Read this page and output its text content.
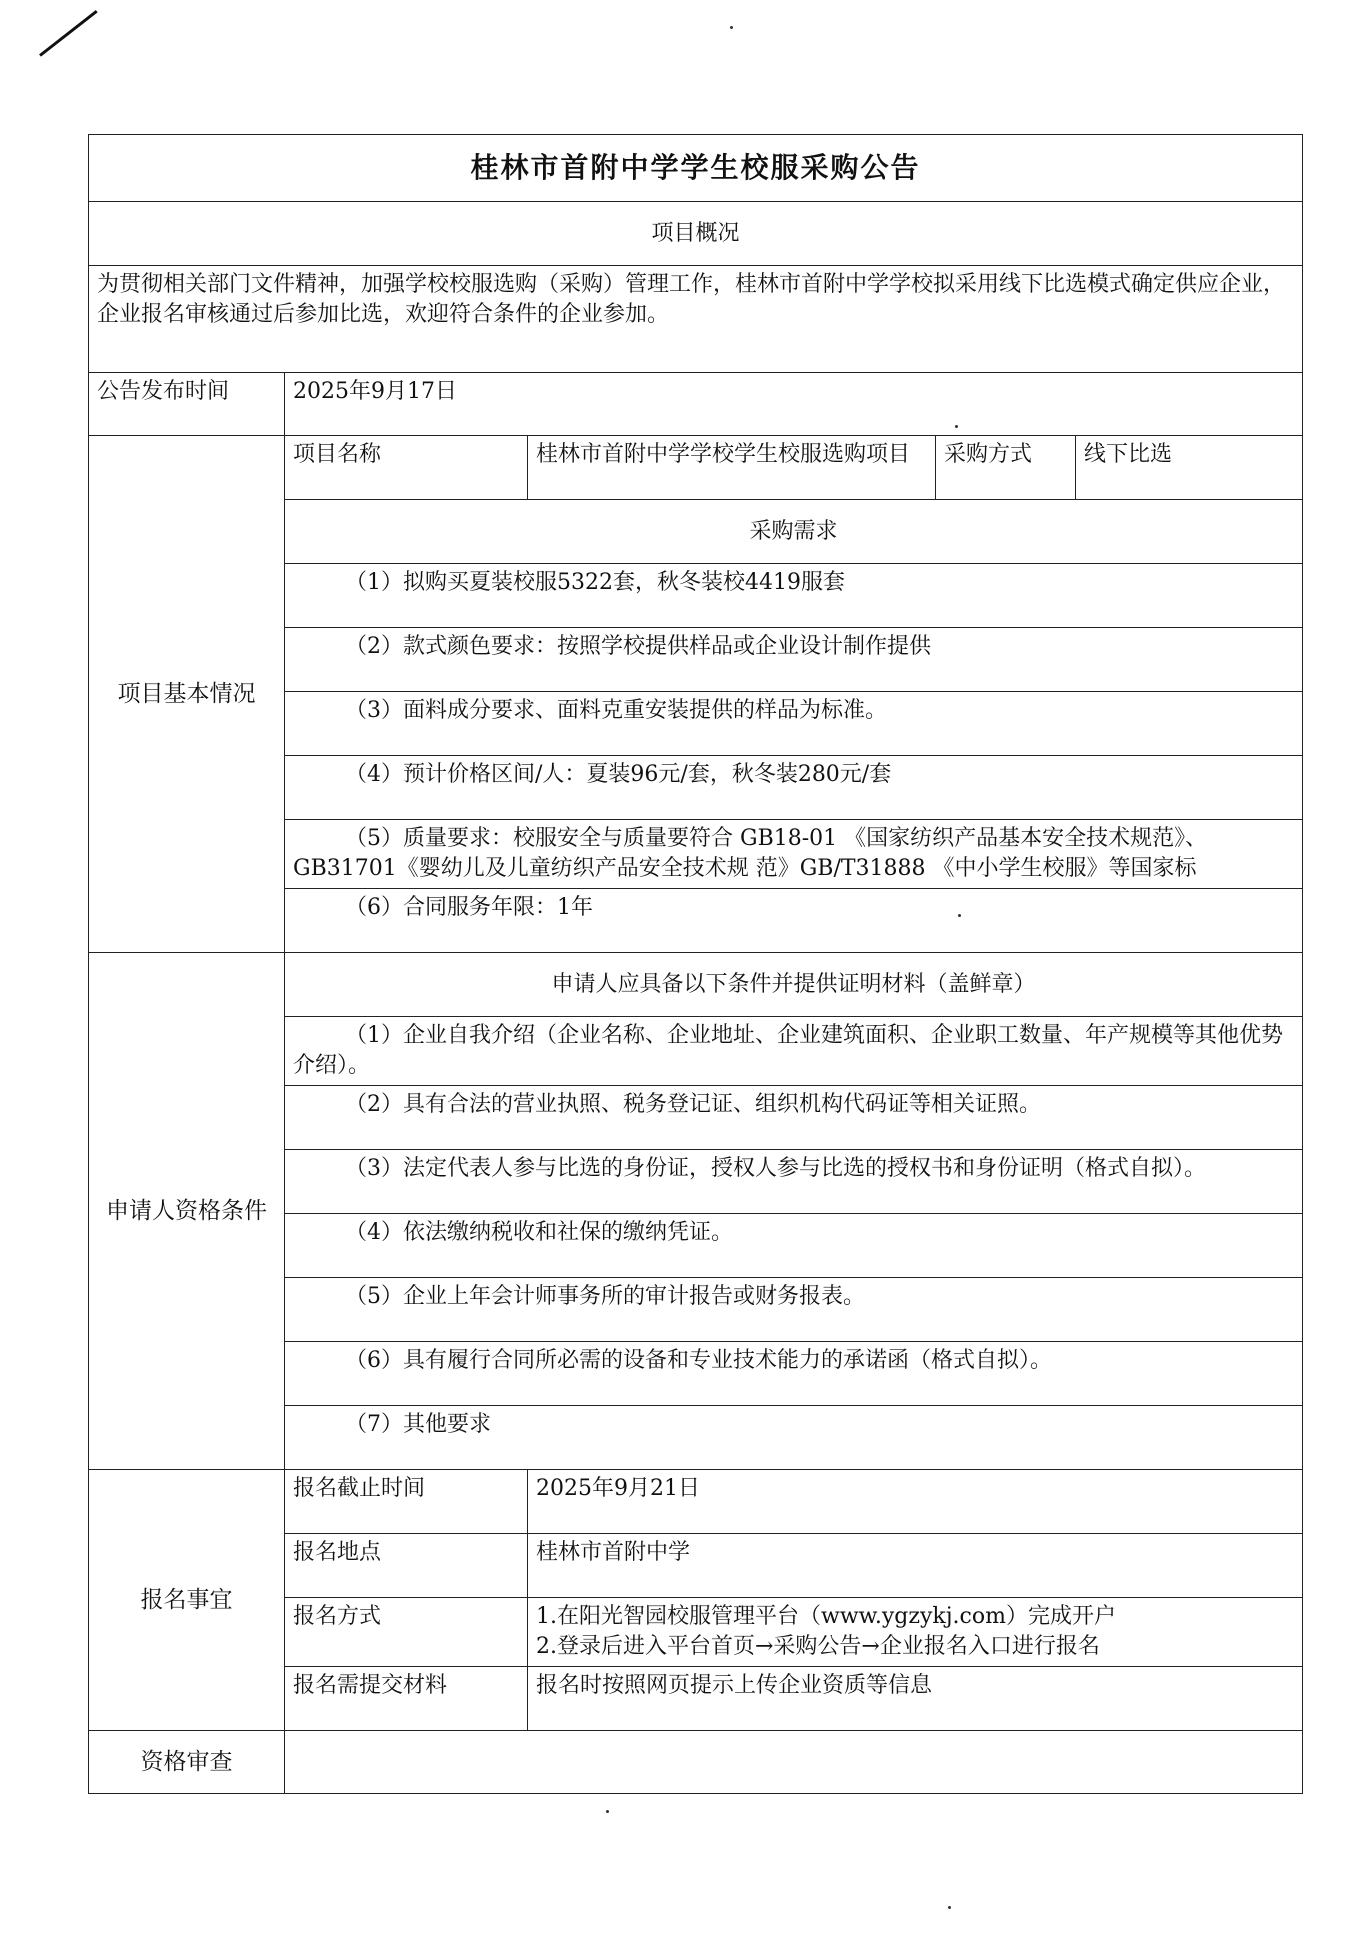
桂林市首附中学学生校服采购公告				
项目概况				
为贯彻相关部门文件精神，加强学校校服选购（采购）管理工作，桂林市首附中学学校拟采用线下比选模式确定供应企业，企业报名审核通过后参加比选，欢迎符合条件的企业参加。				
公告发布时间	2025年9月17日			
项目基本情况	项目名称	桂林市首附中学学校学生校服选购项目	采购方式	线下比选
	采购需求			
	（1）拟购买夏装校服5322套，秋冬装校4419服套			
	（2）款式颜色要求：按照学校提供样品或企业设计制作提供			
	（3）面料成分要求、面料克重安装提供的样品为标准。			
	（4）预计价格区间/人：夏装96元/套，秋冬装280元/套			
	（5）质量要求：校服安全与质量要符合 GB18-01 《国家纺织产品基本安全技术规范》、GB31701《婴幼儿及儿童纺织产品安全技术规 范》GB/T31888 《中小学生校服》等国家标			
	（6）合同服务年限：1年			
申请人资格条件	申请人应具备以下条件并提供证明材料（盖鲜章）			
	（1）企业自我介绍（企业名称、企业地址、企业建筑面积、企业职工数量、年产规模等其他优势介绍）。			
	（2）具有合法的营业执照、税务登记证、组织机构代码证等相关证照。			
	（3）法定代表人参与比选的身份证，授权人参与比选的授权书和身份证明（格式自拟）。			
	（4）依法缴纳税收和社保的缴纳凭证。			
	（5）企业上年会计师事务所的审计报告或财务报表。			
	（6）具有履行合同所必需的设备和专业技术能力的承诺函（格式自拟）。			
	（7）其他要求			
报名事宜	报名截止时间	2025年9月21日		
	报名地点	桂林市首附中学		
	报名方式	1.在阳光智园校服管理平台（www.ygzykj.com）完成开户
2.登录后进入平台首页→采购公告→企业报名入口进行报名		

	报名需提交材料	报名时按照网页提示上传企业资质等信息		
资格审查				
